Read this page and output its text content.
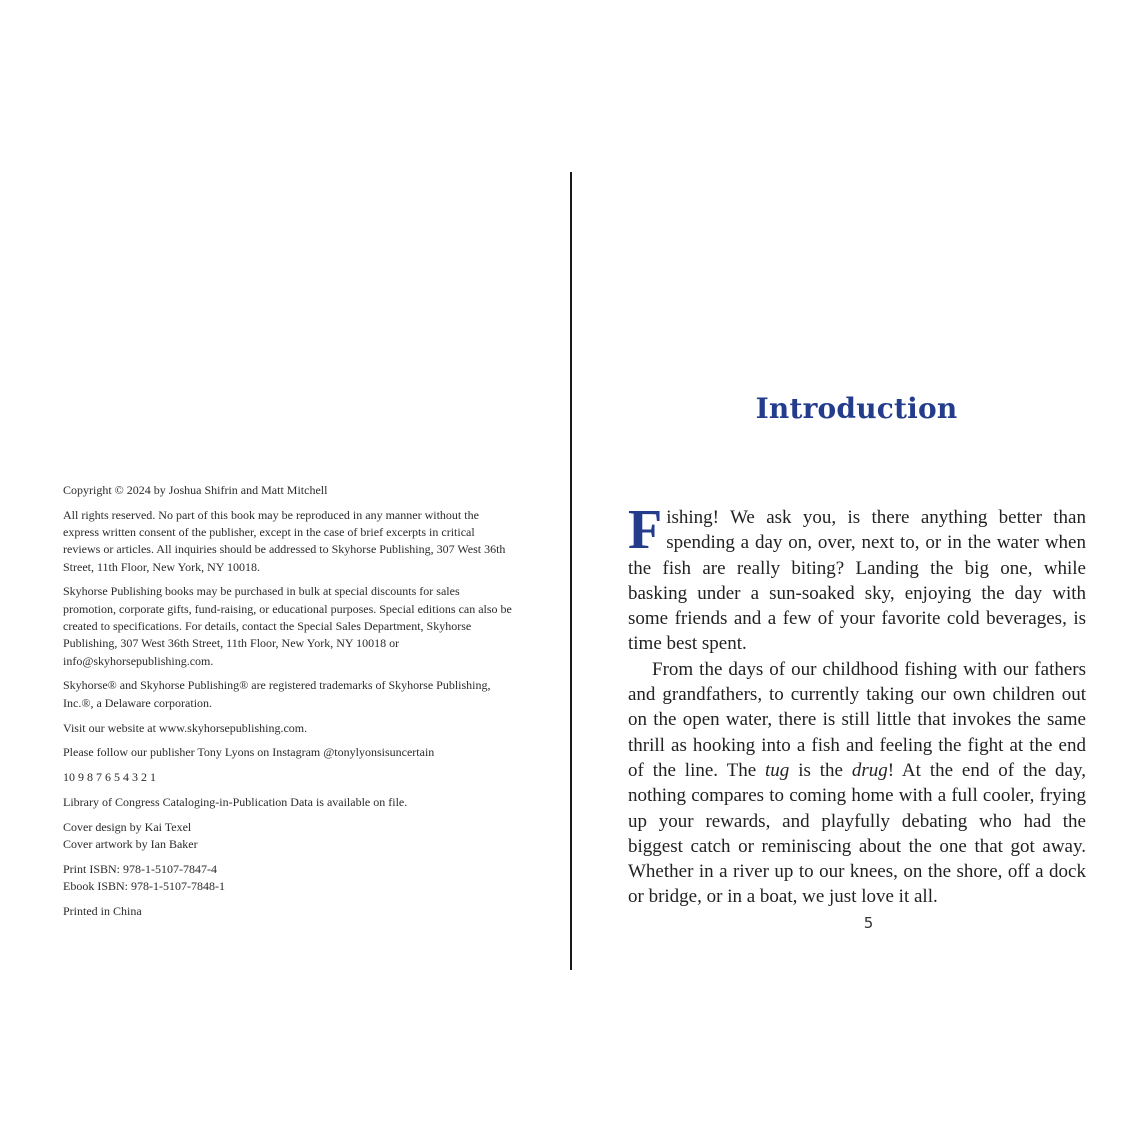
Copyright © 2024 by Joshua Shifrin and Matt Mitchell

All rights reserved. No part of this book may be reproduced in any manner without the express written consent of the publisher, except in the case of brief excerpts in critical reviews or articles. All inquiries should be addressed to Skyhorse Publishing, 307 West 36th Street, 11th Floor, New York, NY 10018.

Skyhorse Publishing books may be purchased in bulk at special discounts for sales promotion, corporate gifts, fund-raising, or educational purposes. Special editions can also be created to specifications. For details, contact the Special Sales Department, Skyhorse Publishing, 307 West 36th Street, 11th Floor, New York, NY 10018 or info@skyhorsepublishing.com.

Skyhorse® and Skyhorse Publishing® are registered trademarks of Skyhorse Publishing, Inc.®, a Delaware corporation.

Visit our website at www.skyhorsepublishing.com.

Please follow our publisher Tony Lyons on Instagram @tonylyonsisuncertain

10 9 8 7 6 5 4 3 2 1

Library of Congress Cataloging-in-Publication Data is available on file.

Cover design by Kai Texel

Cover artwork by Ian Baker

Print ISBN: 978-1-5107-7847-4

Ebook ISBN: 978-1-5107-7848-1

Printed in China

Introduction

Fishing! We ask you, is there anything better than spending a day on, over, next to, or in the water when the fish are really biting? Landing the big one, while basking under a sun-soaked sky, enjoying the day with some friends and a few of your favorite cold beverages, is time best spent.

From the days of our childhood fishing with our fathers and grandfathers, to currently taking our own children out on the open water, there is still little that invokes the same thrill as hooking into a fish and feeling the fight at the end of the line. The tug is the drug! At the end of the day, nothing compares to coming home with a full cooler, frying up your rewards, and playfully debating who had the biggest catch or reminiscing about the one that got away. Whether in a river up to our knees, on the shore, off a dock or bridge, or in a boat, we just love it all.

5
